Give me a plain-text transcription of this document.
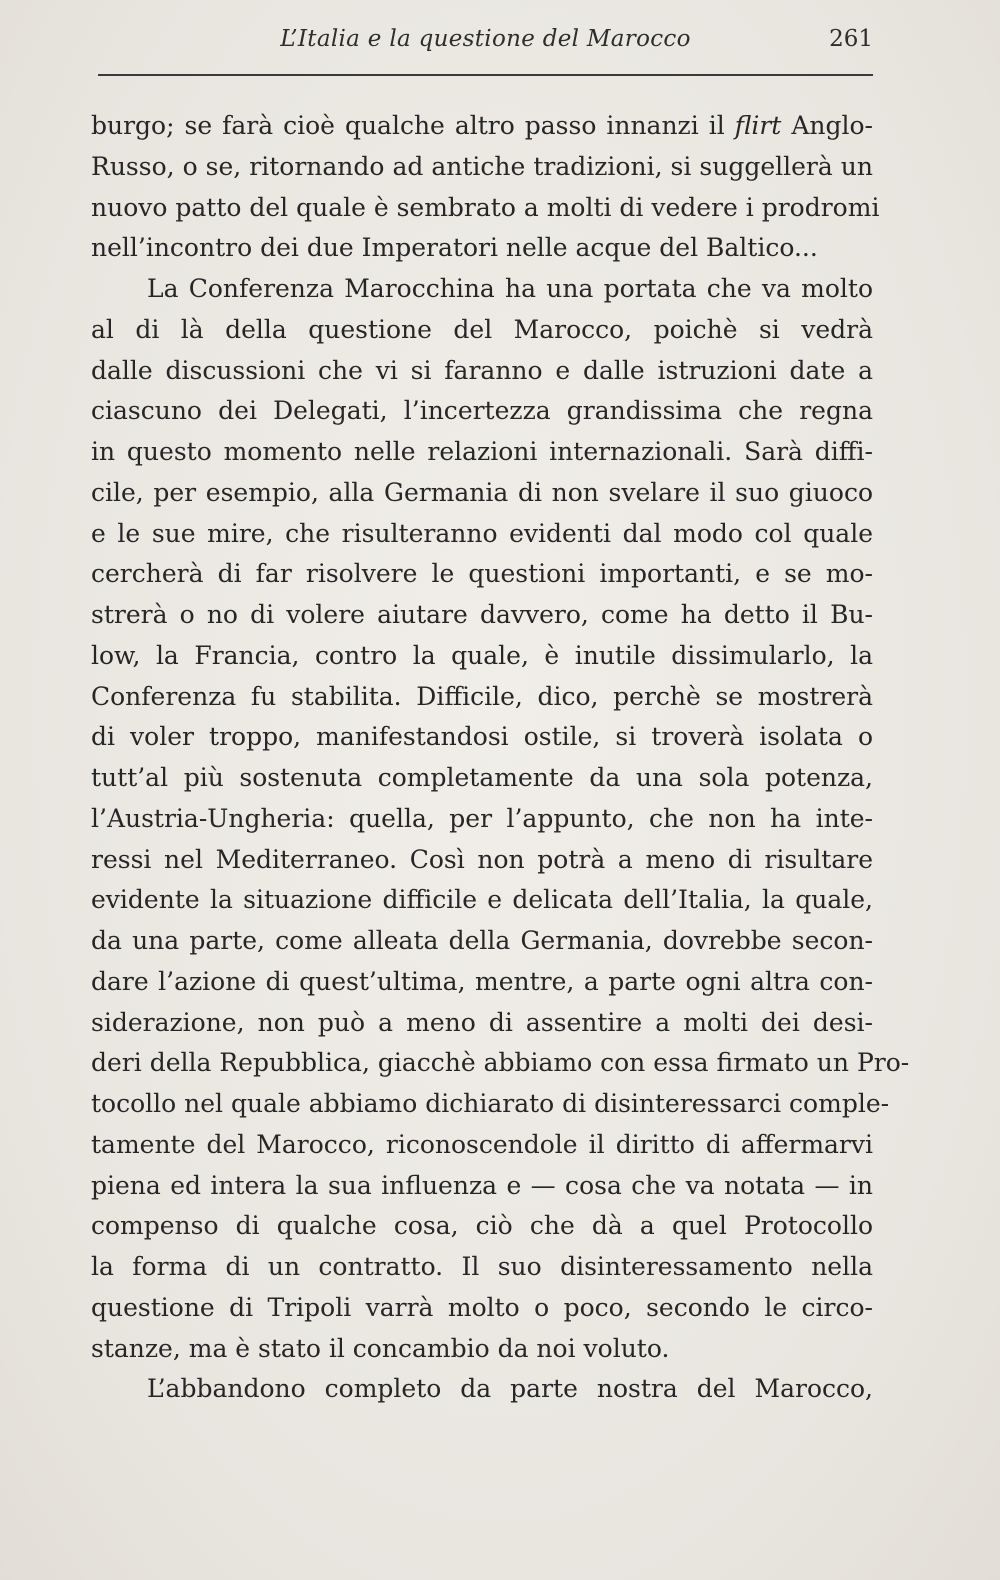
L’Italia e la questione del Marocco	261
burgo; se farà cioè qualche altro passo innanzi il flirt Anglo-
Russo, o se, ritornando ad antiche tradizioni, si suggellerà un
nuovo patto del quale è sembrato a molti di vedere i prodromi
nell’incontro dei due Imperatori nelle acque del Baltico...
La Conferenza Marocchina ha una portata che va molto
al di là della questione del Marocco, poichè si vedrà
dalle discussioni che vi si faranno e dalle istruzioni date a
ciascuno dei Delegati, l’incertezza grandissima che regna
in questo momento nelle relazioni internazionali. Sarà diffi-
cile, per esempio, alla Germania di non svelare il suo giuoco
e le sue mire, che risulteranno evidenti dal modo col quale
cercherà di far risolvere le questioni importanti, e se mo-
strerà o no di volere aiutare davvero, come ha detto il Bu-
low, la Francia, contro la quale, è inutile dissimularlo, la
Conferenza fu stabilita. Difficile, dico, perchè se mostrerà
di voler troppo, manifestandosi ostile, si troverà isolata o
tutt’al più sostenuta completamente da una sola potenza,
l’Austria-Ungheria: quella, per l’appunto, che non ha inte-
ressi nel Mediterraneo. Così non potrà a meno di risultare
evidente la situazione difficile e delicata dell’Italia, la quale,
da una parte, come alleata della Germania, dovrebbe secon-
dare l’azione di quest’ultima, mentre, a parte ogni altra con-
siderazione, non può a meno di assentire a molti dei desi-
deri della Repubblica, giacchè abbiamo con essa firmato un Pro-
tocollo nel quale abbiamo dichiarato di disinteressarci comple-
tamente del Marocco, riconoscendole il diritto di affermarvi
piena ed intera la sua influenza e — cosa che va notata — in
compenso di qualche cosa, ciò che dà a quel Protocollo
la forma di un contratto. Il suo disinteressamento nella
questione di Tripoli varrà molto o poco, secondo le circo-
stanze, ma è stato il concambio da noi voluto.
L’abbandono completo da parte nostra del Marocco,
